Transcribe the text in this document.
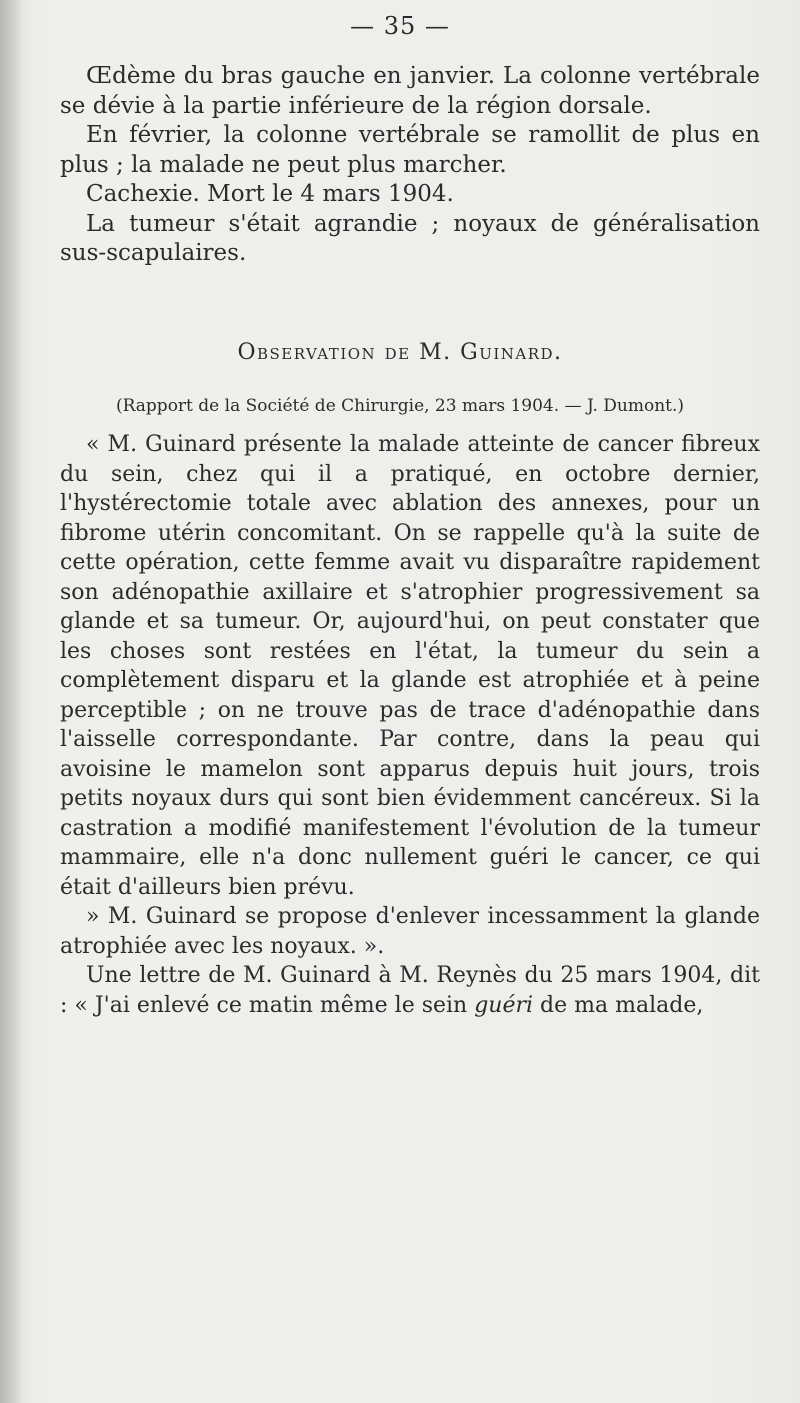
— 35 —

Œdème du bras gauche en janvier. La colonne vertébrale se dévie à la partie inférieure de la région dorsale.

En février, la colonne vertébrale se ramollit de plus en plus ; la malade ne peut plus marcher.

Cachexie. Mort le 4 mars 1904.

La tumeur s'était agrandie ; noyaux de généralisation sus-scapulaires.

Observation de M. Guinard.
(Rapport de la Société de Chirurgie, 23 mars 1904. — J. Dumont.)

« M. Guinard présente la malade atteinte de cancer fibreux du sein, chez qui il a pratiqué, en octobre dernier, l'hystérectomie totale avec ablation des annexes, pour un fibrome utérin concomitant. On se rappelle qu'à la suite de cette opération, cette femme avait vu disparaître rapidement son adénopathie axillaire et s'atrophier progressivement sa glande et sa tumeur. Or, aujourd'hui, on peut constater que les choses sont restées en l'état, la tumeur du sein a complètement disparu et la glande est atrophiée et à peine perceptible ; on ne trouve pas de trace d'adénopathie dans l'aisselle correspondante. Par contre, dans la peau qui avoisine le mamelon sont apparus depuis huit jours, trois petits noyaux durs qui sont bien évidemment cancéreux. Si la castration a modifié manifestement l'évolution de la tumeur mammaire, elle n'a donc nullement guéri le cancer, ce qui était d'ailleurs bien prévu.

» M. Guinard se propose d'enlever incessamment la glande atrophiée avec les noyaux. ».

Une lettre de M. Guinard à M. Reynès du 25 mars 1904, dit : « J'ai enlevé ce matin même le sein guéri de ma malade,
